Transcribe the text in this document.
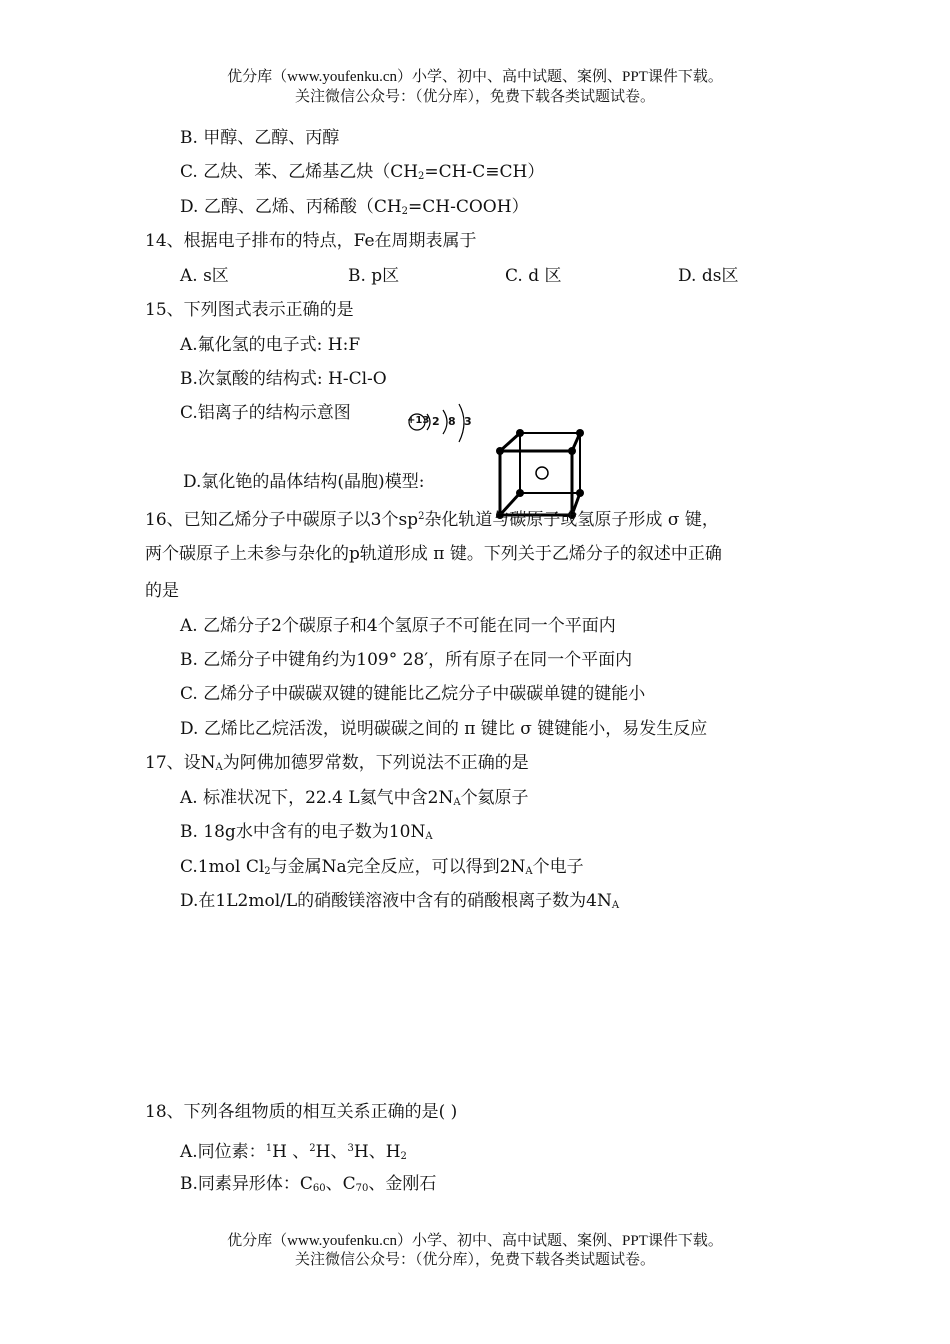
优分库（www.youfenku.cn）小学、初中、高中试题、案例、PPT课件下载。
关注微信公众号：（优分库），免费下载各类试题试卷。
B. 甲醇、乙醇、丙醇
C. 乙炔、苯、乙烯基乙炔$(CH_2=CH-C\equiv CH)$
D. 乙醇、乙烯、丙稀酸$(CH_2=CH-COOH)$
14、根据电子排布的特点，Fe在周期表属于
A. s区	B. p区	C. d 区	D. ds区
15、下列图式表示正确的是
A.氟化氢的电子式: H:F
B.次氯酸的结构式: H-Cl-O
C.铝离子的结构示意图	+13 2 8 3
D.氯化铯的晶体结构(晶胞)模型:
16、已知乙烯分子中碳原子以3个$sp^2$杂化轨道与碳原子或氢原子形成 σ 键，
两个碳原子上未参与杂化的p轨道形成 π 键。下列关于乙烯分子的叙述中正确
的是
A. 乙烯分子2个碳原子和4个氢原子不可能在同一个平面内
B. 乙烯分子中键角约为109° 28′，所有原子在同一个平面内
C. 乙烯分子中碳碳双键的键能比乙烷分子中碳碳单键的键能小
D. 乙烯比乙烷活泼，说明碳碳之间的 π 键比 σ 键键能小，易发生反应
17、设$N_A$为阿佛加德罗常数，下列说法不正确的是
A. 标准状况下，22.4 L氦气中含$2N_A$个氦原子
B. 18g水中含有的电子数为$10N_A$
C.1mol $Cl_2$与金属Na完全反应，可以得到$2N_A$个电子
D.在1L2mol/L的硝酸镁溶液中含有的硝酸根离子数为$4N_A$
18、下列各组物质的相互关系正确的是( )
A.同位素：$^1$H 、$^2$H、$^3$H、$H_2$
B.同素异形体：$C_{60}$、$C_{70}$、金刚石
优分库（www.youfenku.cn）小学、初中、高中试题、案例、PPT课件下载。
关注微信公众号：（优分库），免费下载各类试题试卷。
